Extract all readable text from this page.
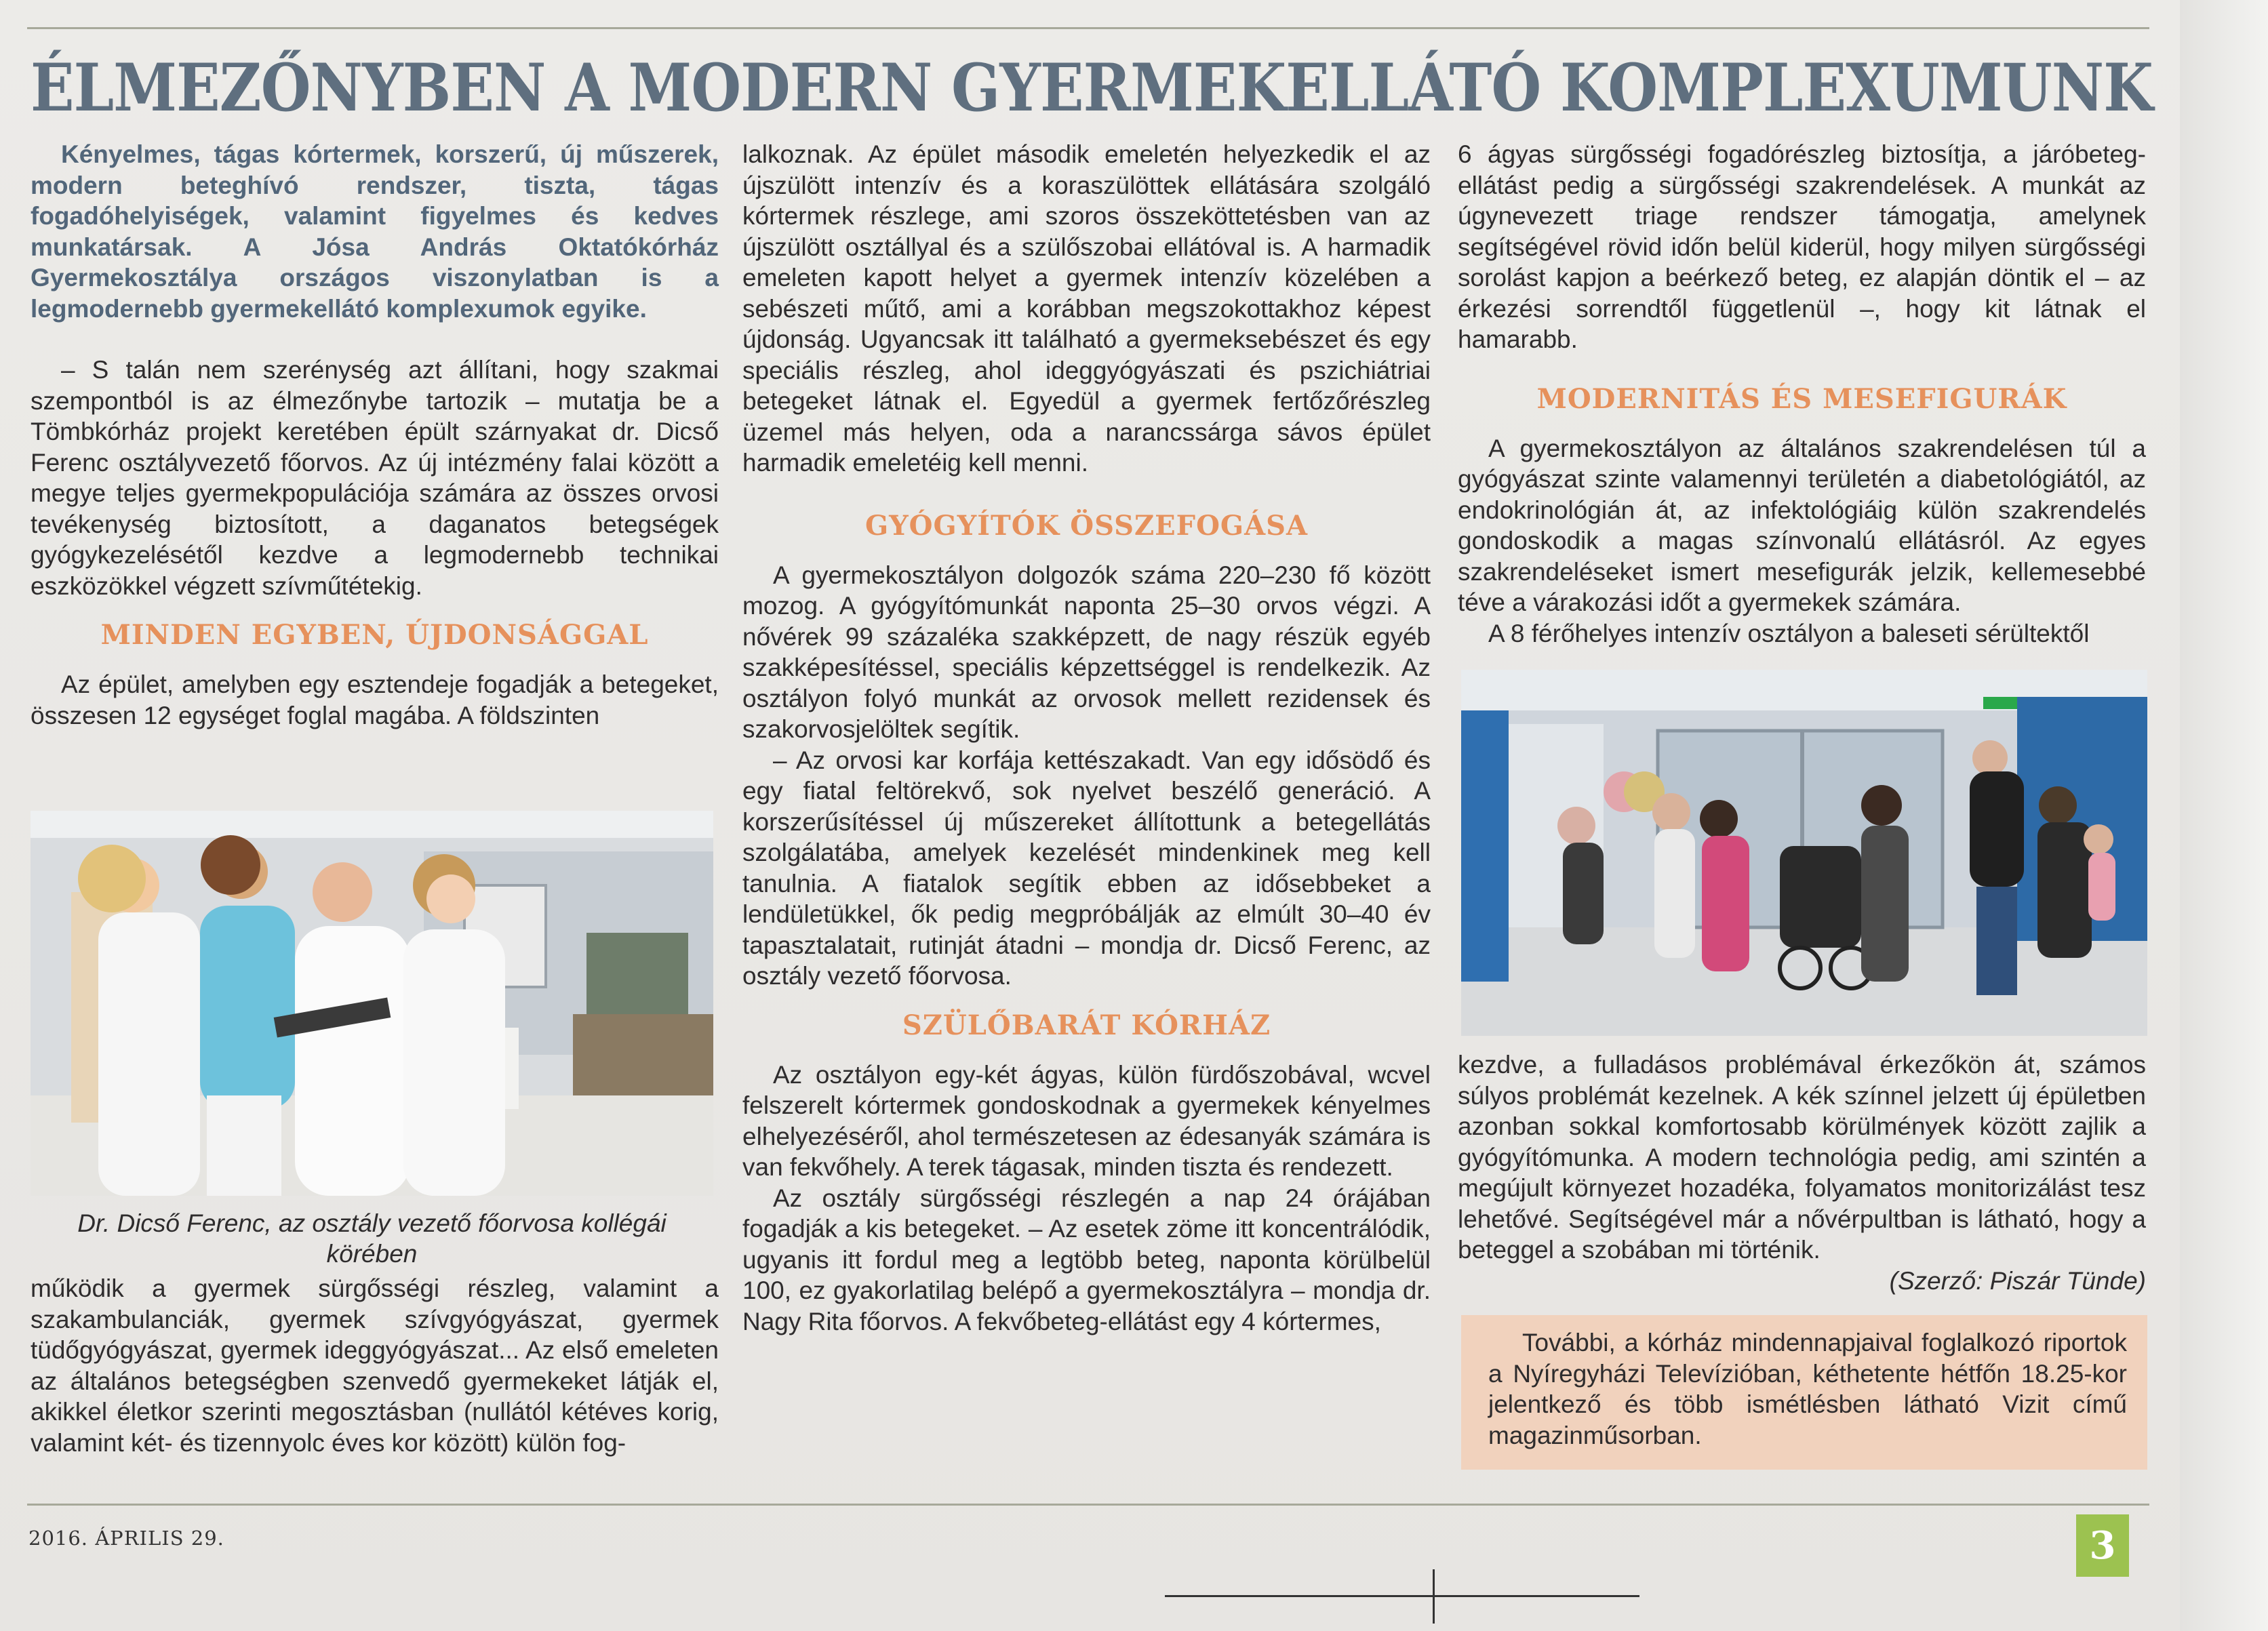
ÉLMEZŐNYBEN A MODERN GYERMEKELLÁTÓ KOMPLEXUMUNK

Kényelmes, tágas kórtermek, korszerű, új műszerek, modern beteghívó rendszer, tiszta, tágas fogadóhelyiségek, valamint figyelmes és kedves munkatársak. A Jósa András Oktatókórház Gyermekosztálya országos viszonylatban is a legmodernebb gyermekellátó komplexumok egyike.

– S talán nem szerénység azt állítani, hogy szakmai szempontból is az élmezőnybe tartozik – mutatja be a Tömbkórház projekt keretében épült szárnyakat dr. Dicső Ferenc osztályvezető főorvos. Az új intézmény falai között a megye teljes gyermekpopulációja számára az összes orvosi tevékenység biztosított, a daganatos betegségek gyógykezelésétől kezdve a legmodernebb technikai eszközökkel végzett szívműtétekig.

MINDEN EGYBEN, ÚJDONSÁGGAL

Az épület, amelyben egy esztendeje fogadják a betegeket, összesen 12 egységet foglal magába. A földszinten

Dr. Dicső Ferenc, az osztály vezető főorvosa kollégái körében

működik a gyermek sürgősségi részleg, valamint a szakambulanciák, gyermek szívgyógyászat, gyermek tüdőgyógyászat, gyermek ideggyógyászat... Az első emeleten az általános betegségben szenvedő gyermekeket látják el, akikkel életkor szerinti megosztásban (nullától kétéves korig, valamint két- és tizennyolc éves kor között) külön fog-

lalkoznak. Az épület második emeletén helyezkedik el az újszülött intenzív és a koraszülöttek ellátására szolgáló kórtermek részlege, ami szoros összeköttetésben van az újszülött osztállyal és a szülőszobai ellátóval is. A harmadik emeleten kapott helyet a gyermek intenzív közelében a sebészeti műtő, ami a korábban megszokottakhoz képest újdonság. Ugyancsak itt található a gyermeksebészet és egy speciális részleg, ahol ideggyógyászati és pszichiátriai betegeket látnak el. Egyedül a gyermek fertőzőrészleg üzemel más helyen, oda a narancssárga sávos épület harmadik emeletéig kell menni.

GYÓGYÍTÓK ÖSSZEFOGÁSA

A gyermekosztályon dolgozók száma 220–230 fő között mozog. A gyógyítómunkát naponta 25–30 orvos végzi. A nővérek 99 százaléka szakképzett, de nagy részük egyéb szakképesítéssel, speciális képzettséggel is rendelkezik. Az osztályon folyó munkát az orvosok mellett rezidensek és szakorvosjelöltek segítik.

– Az orvosi kar korfája kettészakadt. Van egy idősödő és egy fiatal feltörekvő, sok nyelvet beszélő generáció. A korszerűsítéssel új műszereket állítottunk a betegellátás szolgálatába, amelyek kezelését mindenkinek meg kell tanulnia. A fiatalok segítik ebben az idősebbeket a lendületükkel, ők pedig megpróbálják az elmúlt 30–40 év tapasztalatait, rutinját átadni – mondja dr. Dicső Ferenc, az osztály vezető főorvosa.

SZÜLŐBARÁT KÓRHÁZ

Az osztályon egy-két ágyas, külön fürdőszobával, wcvel felszerelt kórtermek gondoskodnak a gyermekek kényelmes elhelyezéséről, ahol természetesen az édesanyák számára is van fekvőhely. A terek tágasak, minden tiszta és rendezett.

Az osztály sürgősségi részlegén a nap 24 órájában fogadják a kis betegeket. – Az esetek zöme itt koncentrálódik, ugyanis itt fordul meg a legtöbb beteg, naponta körülbelül 100, ez gyakorlatilag belépő a gyermekosztályra – mondja dr. Nagy Rita főorvos. A fekvőbeteg-ellátást egy 4 kórtermes,

6 ágyas sürgősségi fogadórészleg biztosítja, a járóbeteg-ellátást pedig a sürgősségi szakrendelések. A munkát az úgynevezett triage rendszer támogatja, amelynek segítségével rövid időn belül kiderül, hogy milyen sürgősségi sorolást kapjon a beérkező beteg, ez alapján döntik el – az érkezési sorrendtől függetlenül –, hogy kit látnak el hamarabb.

MODERNITÁS ÉS MESEFIGURÁK

A gyermekosztályon az általános szakrendelésen túl a gyógyászat szinte valamennyi területén a diabetológiától, az endokrinológián át, az infektológiáig külön szakrendelés gondoskodik a magas színvonalú ellátásról. Az egyes szakrendeléseket ismert mesefigurák jelzik, kellemesebbé téve a várakozási időt a gyermekek számára.

A 8 férőhelyes intenzív osztályon a baleseti sérültektől

kezdve, a fulladásos problémával érkezőkön át, számos súlyos problémát kezelnek. A kék színnel jelzett új épületben azonban sokkal komfortosabb körülmények között zajlik a gyógyítómunka. A modern technológia pedig, ami szintén a megújult környezet hozadéka, folyamatos monitorizálást tesz lehetővé. Segítségével már a nővérpultban is látható, hogy a beteggel a szobában mi történik.

(Szerző: Piszár Tünde)

További, a kórház mindennapjaival foglalkozó riportok a Nyíregyházi Televízióban, kéthetente hétfőn 18.25-kor jelentkező és több ismétlésben látható Vizit című magazinműsorban.

2016. ÁPRILIS 29.	3
